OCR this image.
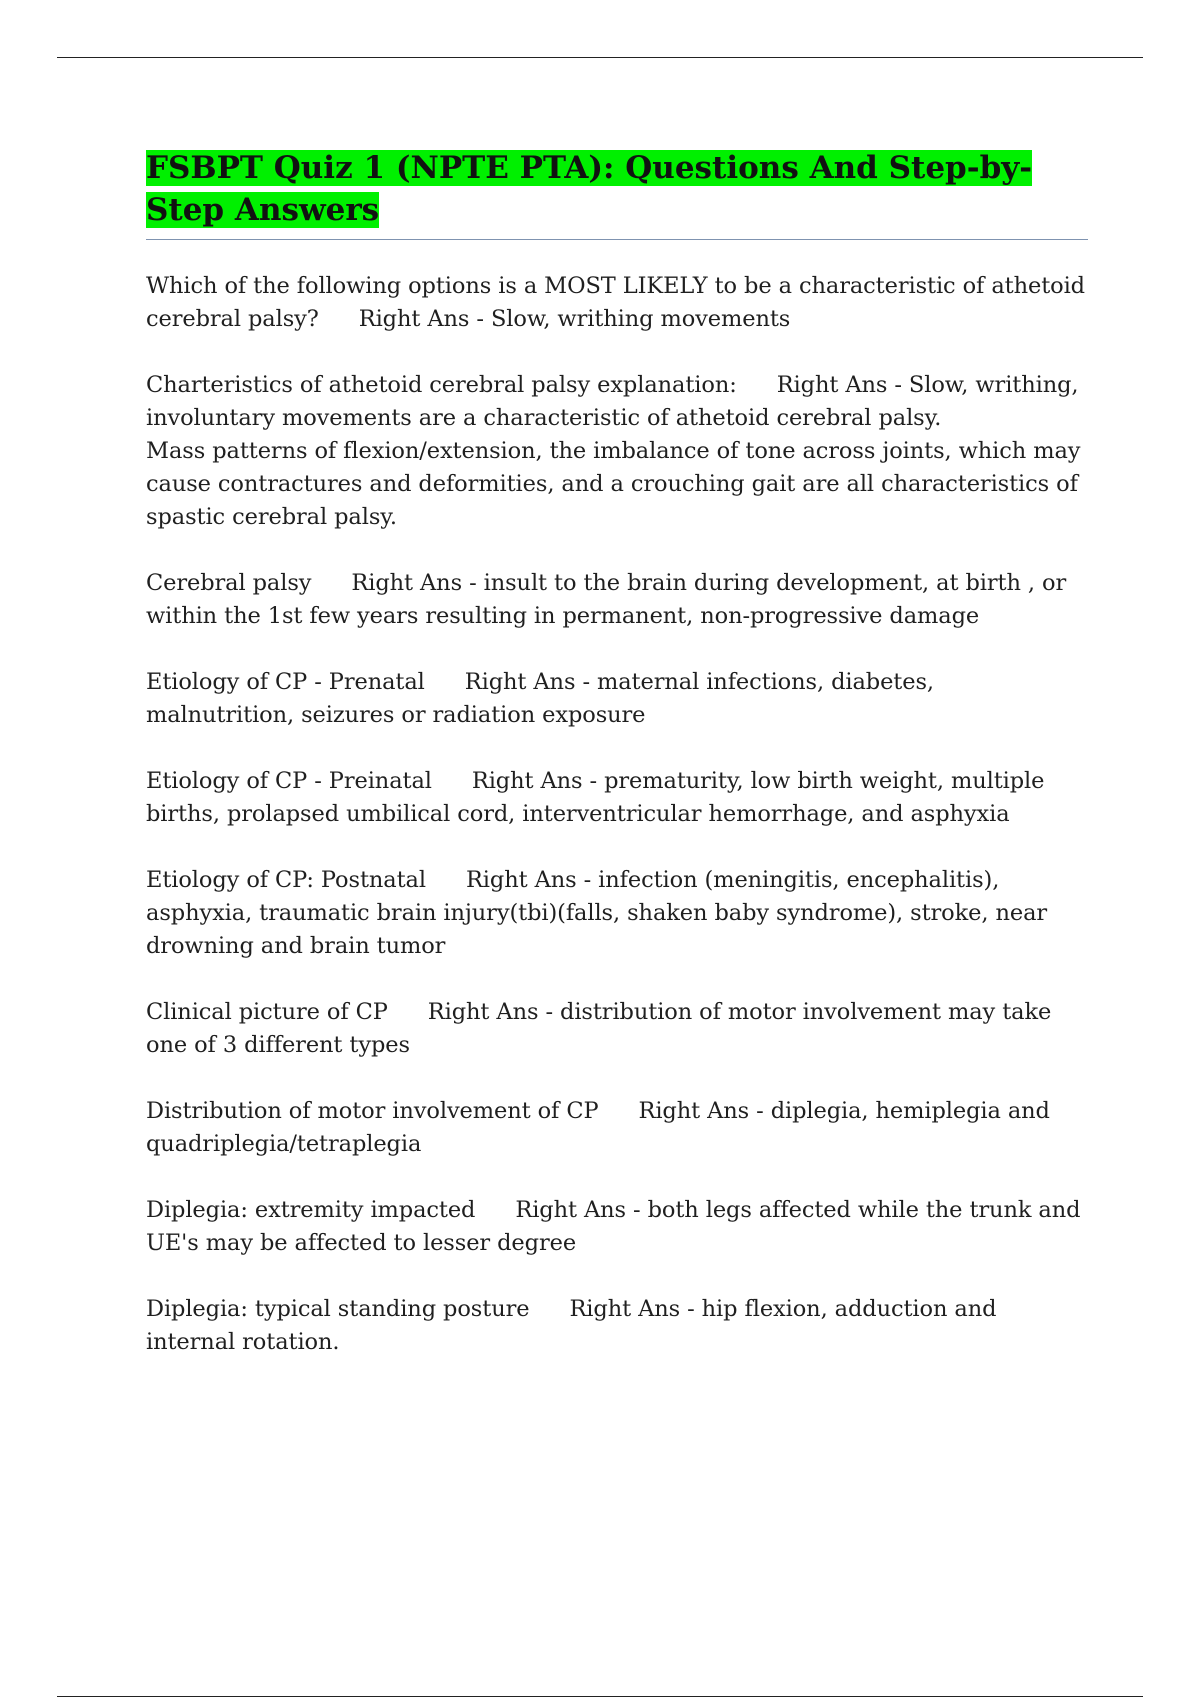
FSBPT Quiz 1 (NPTE PTA): Questions And Step-by-Step Answers

Which of the following options is a MOST LIKELY to be a characteristic of athetoid cerebral palsy? Right Ans - Slow, writhing movements

Charteristics of athetoid cerebral palsy explanation: Right Ans - Slow, writhing, involuntary movements are a characteristic of athetoid cerebral palsy.
Mass patterns of flexion/extension, the imbalance of tone across joints, which may cause contractures and deformities, and a crouching gait are all characteristics of spastic cerebral palsy.

Cerebral palsy Right Ans - insult to the brain during development, at birth , or within the 1st few years resulting in permanent, non-progressive damage

Etiology of CP - Prenatal Right Ans - maternal infections, diabetes, malnutrition, seizures or radiation exposure

Etiology of CP - Preinatal Right Ans - prematurity, low birth weight, multiple births, prolapsed umbilical cord, interventricular hemorrhage, and asphyxia

Etiology of CP: Postnatal Right Ans - infection (meningitis, encephalitis), asphyxia, traumatic brain injury(tbi)(falls, shaken baby syndrome), stroke, near drowning and brain tumor

Clinical picture of CP Right Ans - distribution of motor involvement may take one of 3 different types

Distribution of motor involvement of CP Right Ans - diplegia, hemiplegia and quadriplegia/tetraplegia

Diplegia: extremity impacted Right Ans - both legs affected while the trunk and UE's may be affected to lesser degree

Diplegia: typical standing posture Right Ans - hip flexion, adduction and internal rotation.
